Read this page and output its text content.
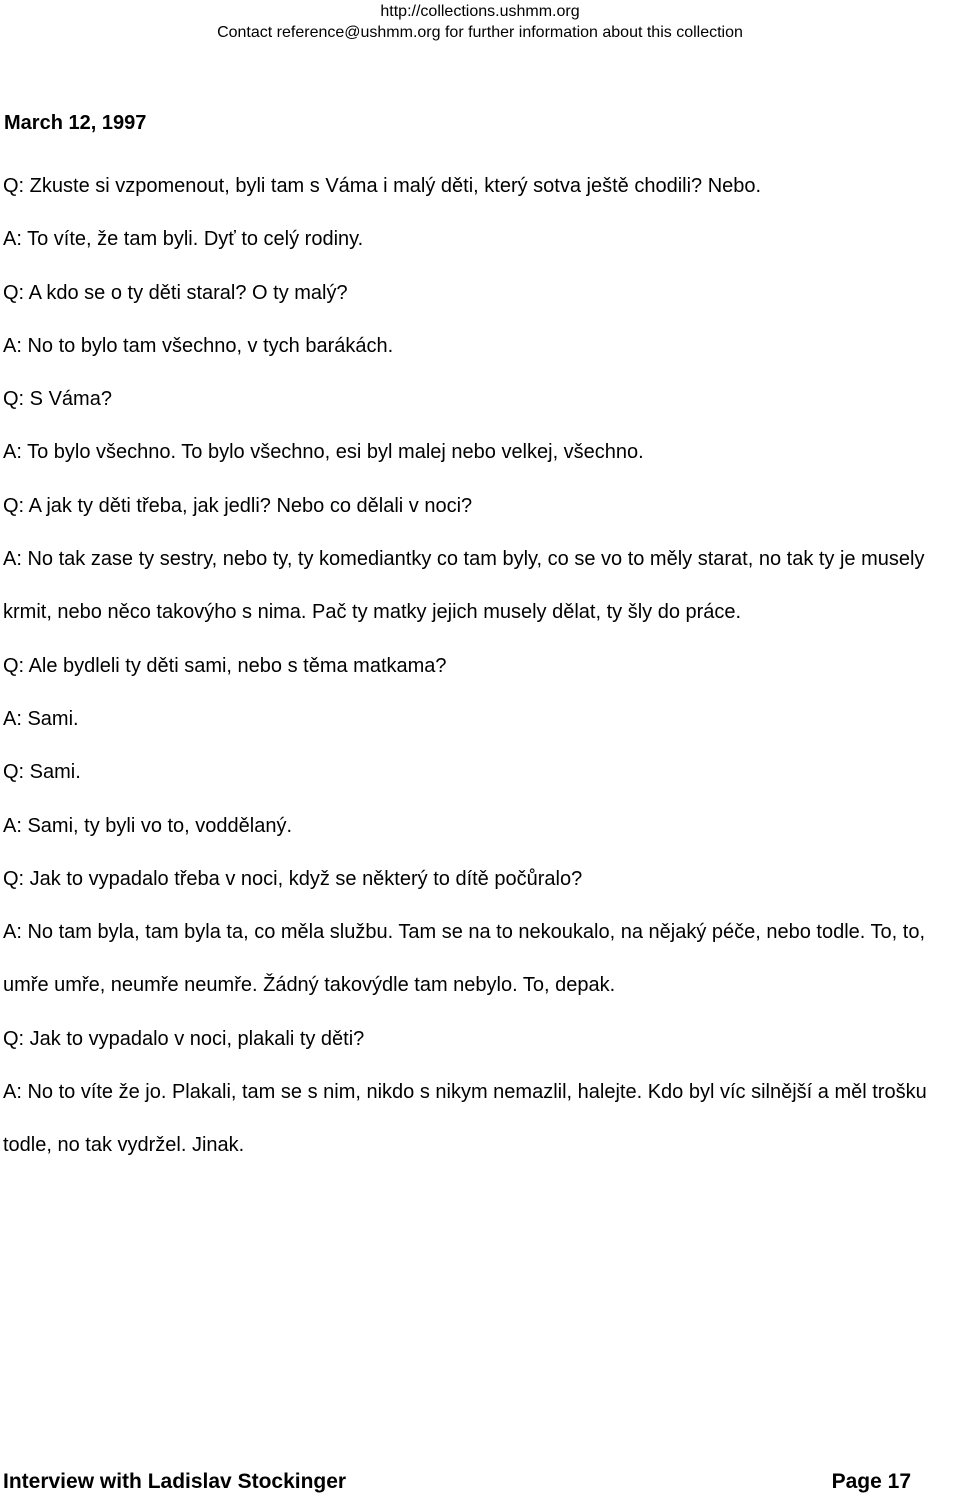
http://collections.ushmm.org
Contact reference@ushmm.org for further information about this collection
March 12, 1997

Q: Zkuste si vzpomenout, byli tam s Váma i malý děti, který sotva ještě chodili? Nebo.

A: To víte, že tam byli. Dyť to celý rodiny.

Q: A kdo se o ty děti staral? O ty malý?

A: No to bylo tam všechno, v tych barákách.

Q: S Váma?

A: To bylo všechno. To bylo všechno, esi byl malej nebo velkej, všechno.

Q: A jak ty děti třeba, jak jedli? Nebo co dělali v noci?

A: No tak zase ty sestry, nebo ty, ty komediantky co tam byly, co se vo to měly starat, no tak ty je musely krmit, nebo něco takovýho s nima. Pač ty matky jejich musely dělat, ty šly do práce.

Q: Ale bydleli ty děti sami, nebo s těma matkama?

A: Sami.

Q: Sami.

A: Sami, ty byli vo to, voddělaný.

Q: Jak to vypadalo třeba v noci, když se některý to dítě počůralo?

A: No tam byla, tam byla ta, co měla službu. Tam se na to nekoukalo, na nějaký péče, nebo todle. To, to, umře umře, neumře neumře. Žádný takovýdle tam nebylo. To, depak.

Q: Jak to vypadalo v noci, plakali ty děti?

A: No to víte že jo. Plakali, tam se s nim, nikdo s nikym nemazlil, halejte. Kdo byl víc silnější a měl trošku todle, no tak vydržel. Jinak.

Interview with Ladislav Stockinger	Page 17
